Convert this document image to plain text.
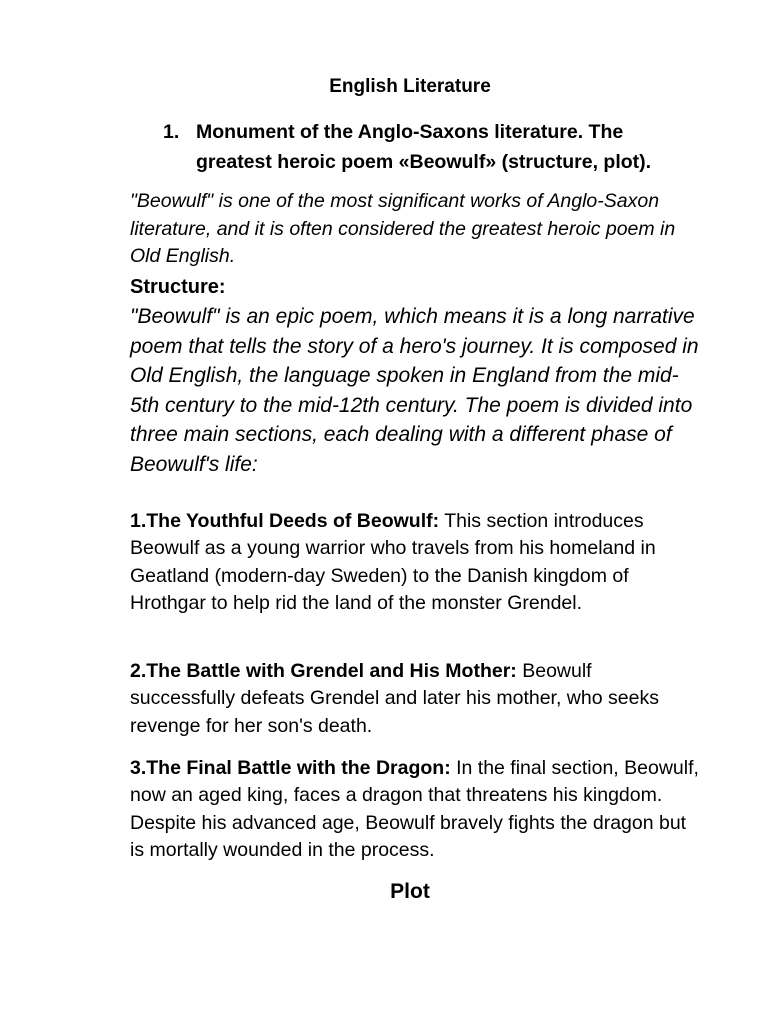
English Literature
1. Monument of the Anglo-Saxons literature. The greatest heroic poem «Beowulf» (structure, plot).
"Beowulf" is one of the most significant works of Anglo-Saxon literature, and it is often considered the greatest heroic poem in Old English.
Structure:
"Beowulf" is an epic poem, which means it is a long narrative poem that tells the story of a hero's journey. It is composed in Old English, the language spoken in England from the mid-5th century to the mid-12th century. The poem is divided into three main sections, each dealing with a different phase of Beowulf's life:
1.The Youthful Deeds of Beowulf: This section introduces Beowulf as a young warrior who travels from his homeland in Geatland (modern-day Sweden) to the Danish kingdom of Hrothgar to help rid the land of the monster Grendel.
2.The Battle with Grendel and His Mother: Beowulf successfully defeats Grendel and later his mother, who seeks revenge for her son's death.
3.The Final Battle with the Dragon: In the final section, Beowulf, now an aged king, faces a dragon that threatens his kingdom. Despite his advanced age, Beowulf bravely fights the dragon but is mortally wounded in the process.
Plot
